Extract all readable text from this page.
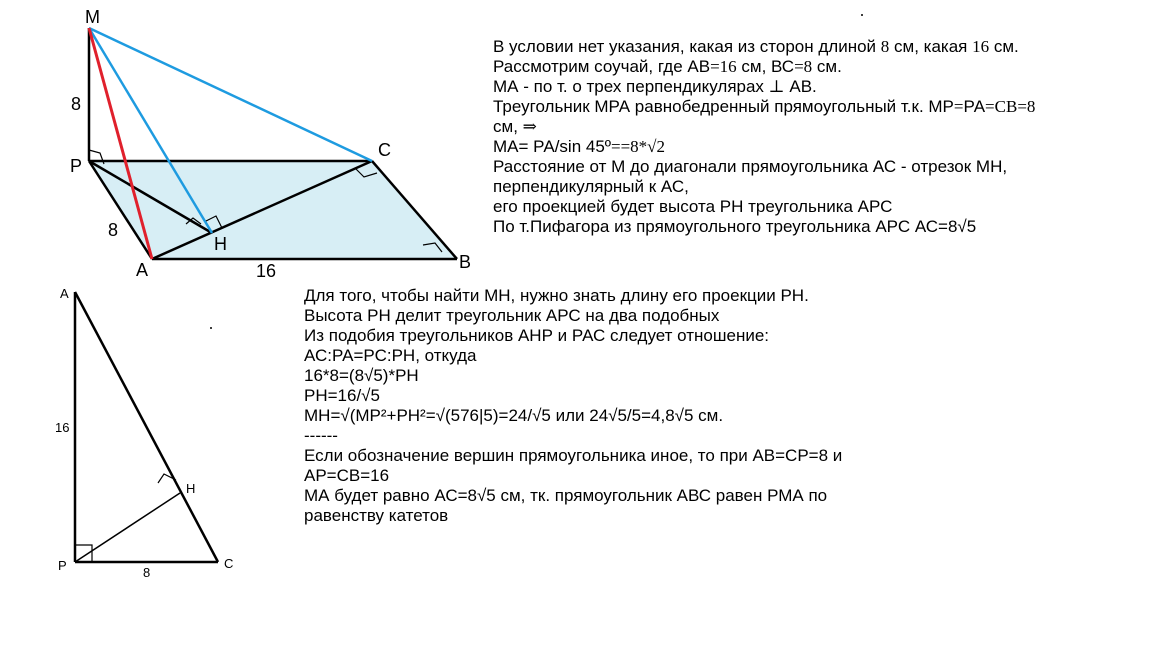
M
P
A
H
C
B
8
8
16
A
P	C
H
16
8
В условии нет указания, какая из сторон длиной 8 см, какая 16 см.
Рассмотрим соучай, где АВ=16 см, ВС=8 см.
МА - по т. о трех перпендикулярах ⊥ АВ.
Треугольник МРА равнобедренный прямоугольный т.к. МР=РА=СВ=8
см, ⇒
МА= РА/sin 45º==8*√2
Расстояние от М до диагонали прямоугольника АС - отрезок МН,
перпендикулярный к АС,
его проекцией будет высота РН треугольника АРС
По т.Пифагора из прямоугольного треугольника АРС АС=8√5
Для того, чтобы найти МН, нужно знать длину его проекции РН.
Высота РН делит треугольник АРС на два подобных
Из подобия треугольников АНР и РАС следует отношение:
АС:РА=РС:РН, откуда
16*8=(8√5)*РН
РН=16/√5
МН=√(МР²+РН²=√(576|5)=24/√5 или 24√5/5=4,8√5 см.
------
Если обозначение вершин прямоугольника иное, то при АВ=СР=8 и
АР=СВ=16
МА будет равно АС=8√5 см, тк. прямоугольник АВС равен РМА по
равенству катетов
